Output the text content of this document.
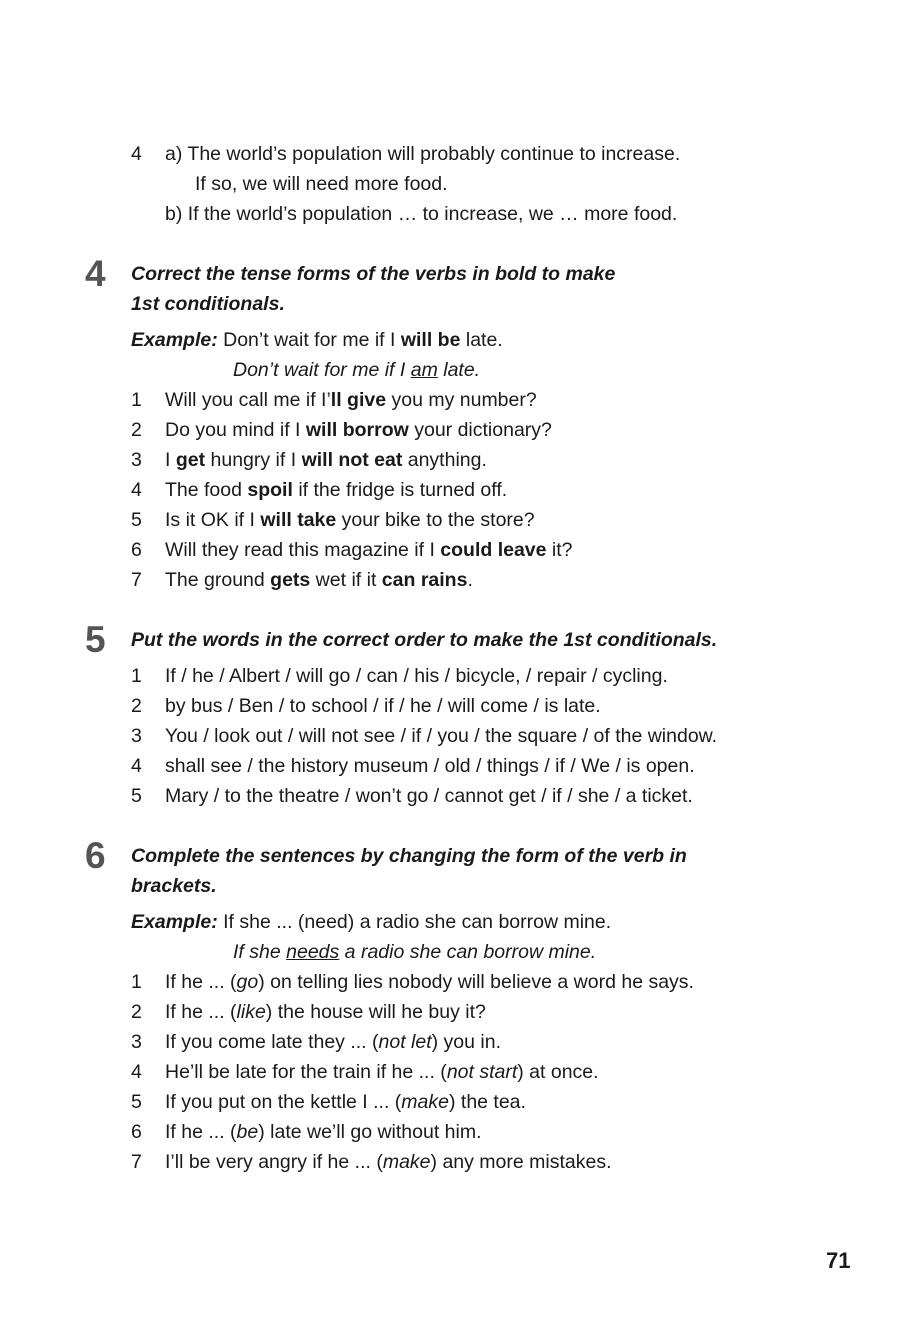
4	a) The world’s population will probably continue to increase.
If so, we will need more food.
b) If the world’s population … to increase, we … more food.
4 Correct the tense forms of the verbs in bold to make
1st conditionals.
Example: Don’t wait for me if I will be late.
Don’t wait for me if I am late.
1	Will you call me if I’ll give you my number?
2	Do you mind if I will borrow your dictionary?
3	I get hungry if I will not eat anything.
4	The food spoil if the fridge is turned off.
5	Is it OK if I will take your bike to the store?
6	Will they read this magazine if I could leave it?
7	The ground gets wet if it can rains.
5 Put the words in the correct order to make the 1st conditionals.
1	If / he / Albert / will go / can / his / bicycle, / repair / cycling.
2	by bus / Ben / to school / if / he / will come / is late.
3	You / look out / will not see / if / you / the square / of the window.
4	shall see / the history museum / old / things / if / We / is open.
5	Mary / to the theatre / won’t go / cannot get / if / she / a ticket.
6 Complete the sentences by changing the form of the verb in
brackets.
Example: If she ... (need) a radio she can borrow mine.
If she needs a radio she can borrow mine.
1	If he ... (go) on telling lies nobody will believe a word he says.
2	If he ... (like) the house will he buy it?
3	If you come late they ... (not let) you in.
4	He’ll be late for the train if he ... (not start) at once.
5	If you put on the kettle I ... (make) the tea.
6	If he ... (be) late we’ll go without him.
7	I’ll be very angry if he ... (make) any more mistakes.
71
